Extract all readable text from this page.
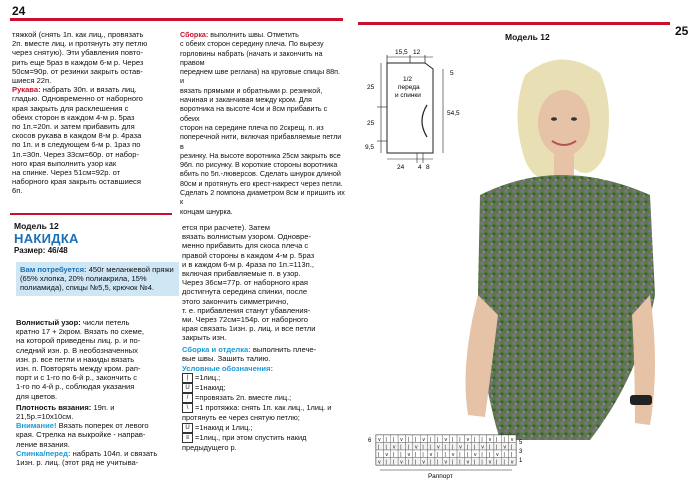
24

тяжкой (снять 1п. как лиц., провязать

2п. вместе лиц. и протянуть эту петлю

через снятую). Эти убавления повто-

рить еще 5раз в каждом 6-м р. Через

50см=90р. от резинки закрыть остав-

шиеся 22п.

Рукава: набрать 30п. и вязать лиц.

гладью. Одновременно от наборного

края закрыть для расклешения с

обеих сторон в каждом 4-м р. 5раз

по 1п.=20п. и затем прибавить для

скосов рукава в каждом 8-м р. 4раза

по 1п. и в следующем 6-м р. 1раз по

1п.=30п. Через 33см=60р. от набор-

ного края выполнить узор как

на спинке. Через 51см=92р. от

наборного края закрыть оставшиеся

6п.

Сборка: выполнить швы. Отметить

с обеих сторон середину плеча. По вырезу

горловины набрать (начать и закончить на правом

переднем шве реглана) на круговые спицы 88п. и

вязать прямыми и обратными р. резинкой,

начиная и заканчивая между кром. Для

воротника на высоте 4см и 8см прибавить с обеих

сторон на середине плеча по 2скрещ. п. из

поперечной нити, включая прибавляемые петли в

резинку. На высоте воротника 25см закрыть все

96п. по рисунку. В короткие стороны воротника

вбить по 5п.-люверсов. Сделать шнурок длиной

80см и протянуть его крест-накрест через петли.

Сделать 2 помпона диаметром 8см и пришить их к

концам шнурка.

Модель 12
НАКИДКА
Размер: 46/48
Вам потребуется: 450г меланжевой пряжи (65% хлопка, 20% полиакрила, 15% полиамида), спицы №5,5, крючок №4.

Волнистый узор: числи петель

кратно 17 + 2кром. Вязать по схеме,

на которой приведены лиц. р. и по-

следний изн. р. В необозначенных

изн. р. все петли и накиды вязать

изн. п. Повторять между кром. рап-

порт и с 1-го по 6-й р., закончить с

1-го по 4-й р., соблюдая указания

для цветов.

Плотность вязания: 19п. и

21,5р.=10х10см.

Внимание! Вязать поперек от левого

края. Стрелка на выкройке - направ-

ление вязания.

Спинка/перед: набрать 104п. и связать

1изн. р. лиц. (этот ряд не учитыва-

ется при расчете). Затем

вязать волнистым узором. Одновре-

менно прибавить для скоса плеча с

правой стороны в каждом 4-м р. 5раз

и в каждом 6-м р. 4раза по 1п.=113п.,

включая прибавляемые п. в узор.

Через 36см=77р. от наборного края

достигнута середина спинки, после

этого закончить симметрично,

т. е. прибавления станут убавления-

ми. Через 72см=154р. от наборного

края связать 1изн. р. лиц. и все петли

закрыть изн.

Сборка и отделка: выполнить плече-

вые швы. Зашить талию.

Условные обозначения:

| =1лиц.;
U =1накид;
/ =провязать 2п. вместе лиц.;
\ =1 протяжка: снять 1п. как лиц., 1лиц. и протянуть ее через снятую петлю;
Ū =1накид и 1лиц.;
≡ =1лиц., при этом спустить накид предыдущего р.
25
Модель 12
15,5 12
5
1/2
переда
и спинки
25
25
9,5
54,5
24 4 8
v | | v | | v | | v | | v | | v | | v
| | v | | v | | v | | v | | v | | v |
| v | | v | | v | | v | | v | | v | |
v | | v | | v | | v | | v | | v | | v
6	5
3
1
Раппорт
